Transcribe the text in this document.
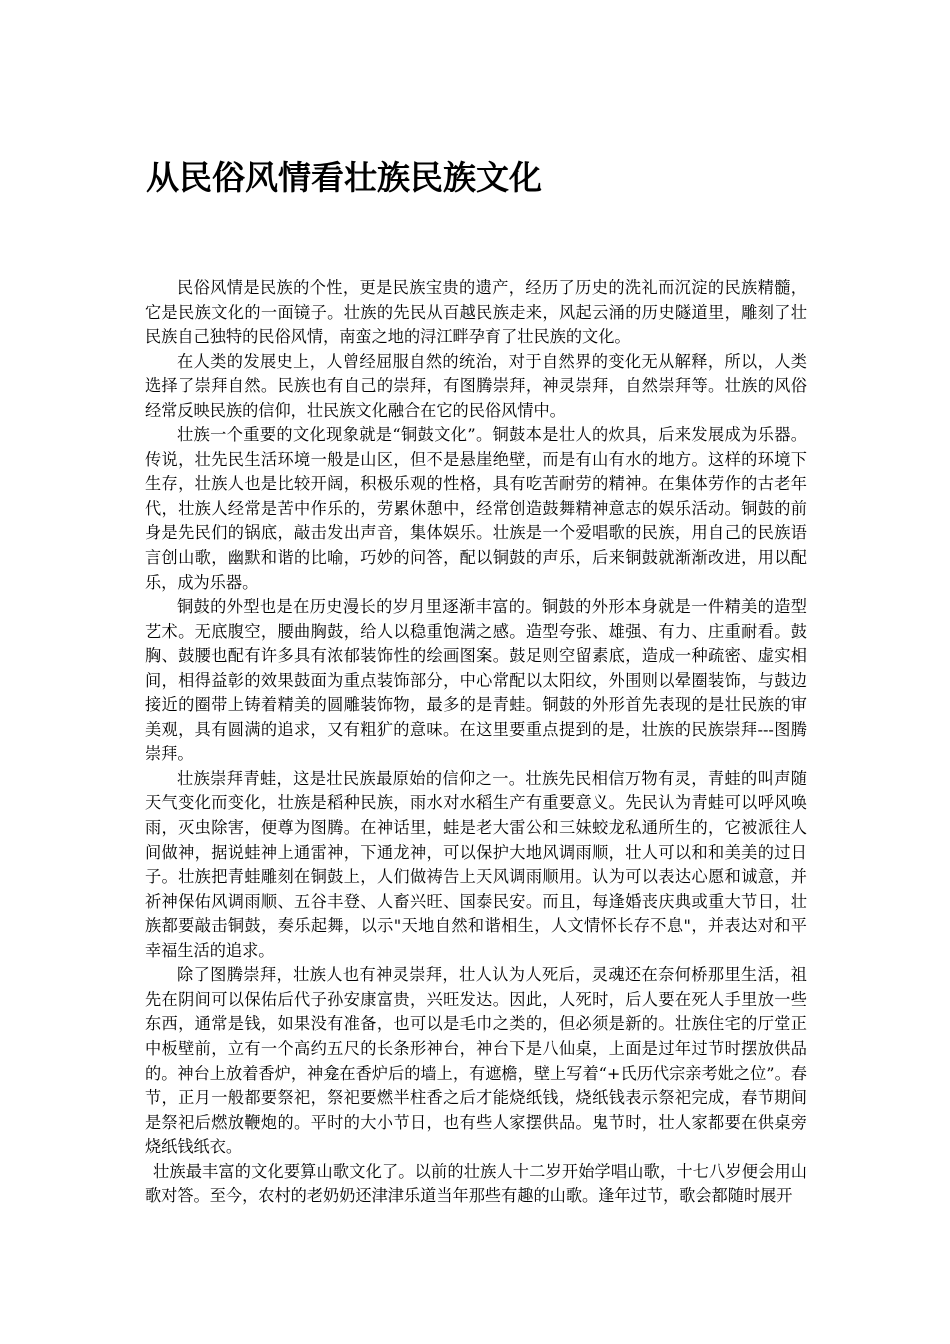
从民俗风情看壮族民族文化

民俗风情是民族的个性，更是民族宝贵的遗产，经历了历史的洗礼而沉淀的民族精髓，它是民族文化的一面镜子。壮族的先民从百越民族走来，风起云涌的历史隧道里，雕刻了壮民族自己独特的民俗风情，南蛮之地的浔江畔孕育了壮民族的文化。

在人类的发展史上，人曾经屈服自然的统治，对于自然界的变化无从解释，所以，人类选择了崇拜自然。民族也有自己的崇拜，有图腾崇拜，神灵崇拜，自然崇拜等。壮族的风俗经常反映民族的信仰，壮民族文化融合在它的民俗风情中。

壮族一个重要的文化现象就是“铜鼓文化”。铜鼓本是壮人的炊具，后来发展成为乐器。传说，壮先民生活环境一般是山区，但不是悬崖绝壁，而是有山有水的地方。这样的环境下生存，壮族人也是比较开阔，积极乐观的性格，具有吃苦耐劳的精神。在集体劳作的古老年代，壮族人经常是苦中作乐的，劳累休憩中，经常创造鼓舞精神意志的娱乐活动。铜鼓的前身是先民们的锅底，敲击发出声音，集体娱乐。壮族是一个爱唱歌的民族，用自己的民族语言创山歌，幽默和谐的比喻，巧妙的问答，配以铜鼓的声乐，后来铜鼓就渐渐改进，用以配乐，成为乐器。

铜鼓的外型也是在历史漫长的岁月里逐渐丰富的。铜鼓的外形本身就是一件精美的造型艺术。无底腹空，腰曲胸鼓，给人以稳重饱满之感。造型夸张、雄强、有力、庄重耐看。鼓胸、鼓腰也配有许多具有浓郁装饰性的绘画图案。鼓足则空留素底，造成一种疏密、虚实相间，相得益彰的效果鼓面为重点装饰部分，中心常配以太阳纹，外围则以晕圈装饰，与鼓边接近的圈带上铸着精美的圆雕装饰物，最多的是青蛙。铜鼓的外形首先表现的是壮民族的审美观，具有圆满的追求，又有粗犷的意味。在这里要重点提到的是，壮族的民族崇拜---图腾崇拜。

壮族崇拜青蛙，这是壮民族最原始的信仰之一。壮族先民相信万物有灵，青蛙的叫声随天气变化而变化，壮族是稻种民族，雨水对水稻生产有重要意义。先民认为青蛙可以呼风唤雨，灭虫除害，便尊为图腾。在神话里，蛙是老大雷公和三妹蛟龙私通所生的，它被派往人间做神，据说蛙神上通雷神，下通龙神，可以保护大地风调雨顺，壮人可以和和美美的过日子。壮族把青蛙雕刻在铜鼓上，人们做祷告上天风调雨顺用。认为可以表达心愿和诚意，并祈神保佑风调雨顺、五谷丰登、人畜兴旺、国泰民安。而且，每逢婚丧庆典或重大节日，壮族都要敲击铜鼓，奏乐起舞，以示"天地自然和谐相生，人文情怀长存不息"，并表达对和平幸福生活的追求。

除了图腾崇拜，壮族人也有神灵崇拜，壮人认为人死后，灵魂还在奈何桥那里生活，祖先在阴间可以保佑后代子孙安康富贵，兴旺发达。因此，人死时，后人要在死人手里放一些东西，通常是钱，如果没有准备，也可以是毛巾之类的，但必须是新的。壮族住宅的厅堂正中板壁前，立有一个高约五尺的长条形神台，神台下是八仙桌，上面是过年过节时摆放供品的。神台上放着香炉，神龛在香炉后的墙上，有遮檐，壁上写着“+氏历代宗亲考妣之位”。春节，正月一般都要祭祀，祭祀要燃半柱香之后才能烧纸钱，烧纸钱表示祭祀完成，春节期间是祭祀后燃放鞭炮的。平时的大小节日，也有些人家摆供品。鬼节时，壮人家都要在供桌旁烧纸钱纸衣。

壮族最丰富的文化要算山歌文化了。以前的壮族人十二岁开始学唱山歌，十七八岁便会用山歌对答。至今，农村的老奶奶还津津乐道当年那些有趣的山歌。逢年过节，歌会都随时展开
